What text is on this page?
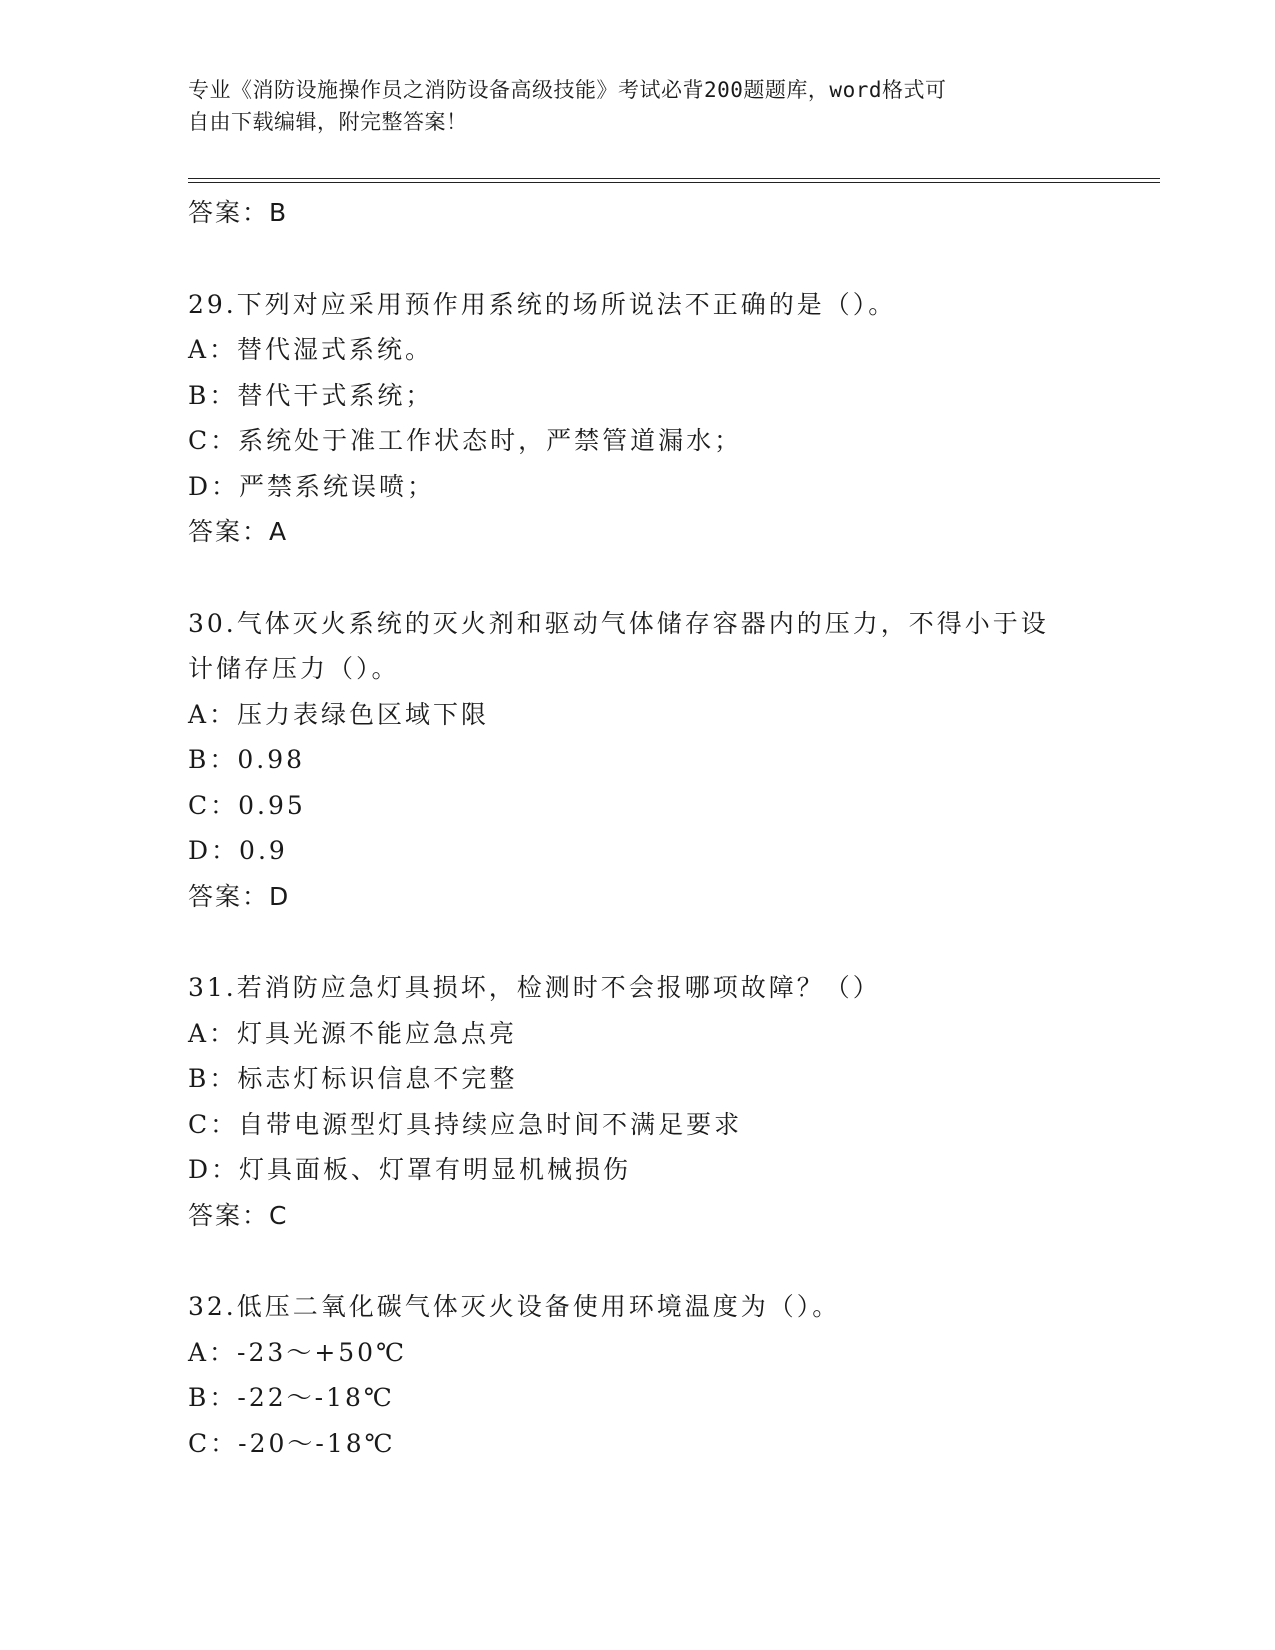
专业《消防设施操作员之消防设备高级技能》考试必背200题题库，word格式可
自由下载编辑，附完整答案！
答案：B
29.下列对应采用预作用系统的场所说法不正确的是（）。
A：替代湿式系统。
B：替代干式系统；
C：系统处于准工作状态时，严禁管道漏水；
D：严禁系统误喷；
答案：A
30.气体灭火系统的灭火剂和驱动气体储存容器内的压力，不得小于设
计储存压力（）。
A：压力表绿色区域下限
B：0.98
C：0.95
D：0.9
答案：D
31.若消防应急灯具损坏，检测时不会报哪项故障？（）
A：灯具光源不能应急点亮
B：标志灯标识信息不完整
C：自带电源型灯具持续应急时间不满足要求
D：灯具面板、灯罩有明显机械损伤
答案：C
32.低压二氧化碳气体灭火设备使用环境温度为（）。
A：-23～+50℃
B：-22～-18℃
C：-20～-18℃
